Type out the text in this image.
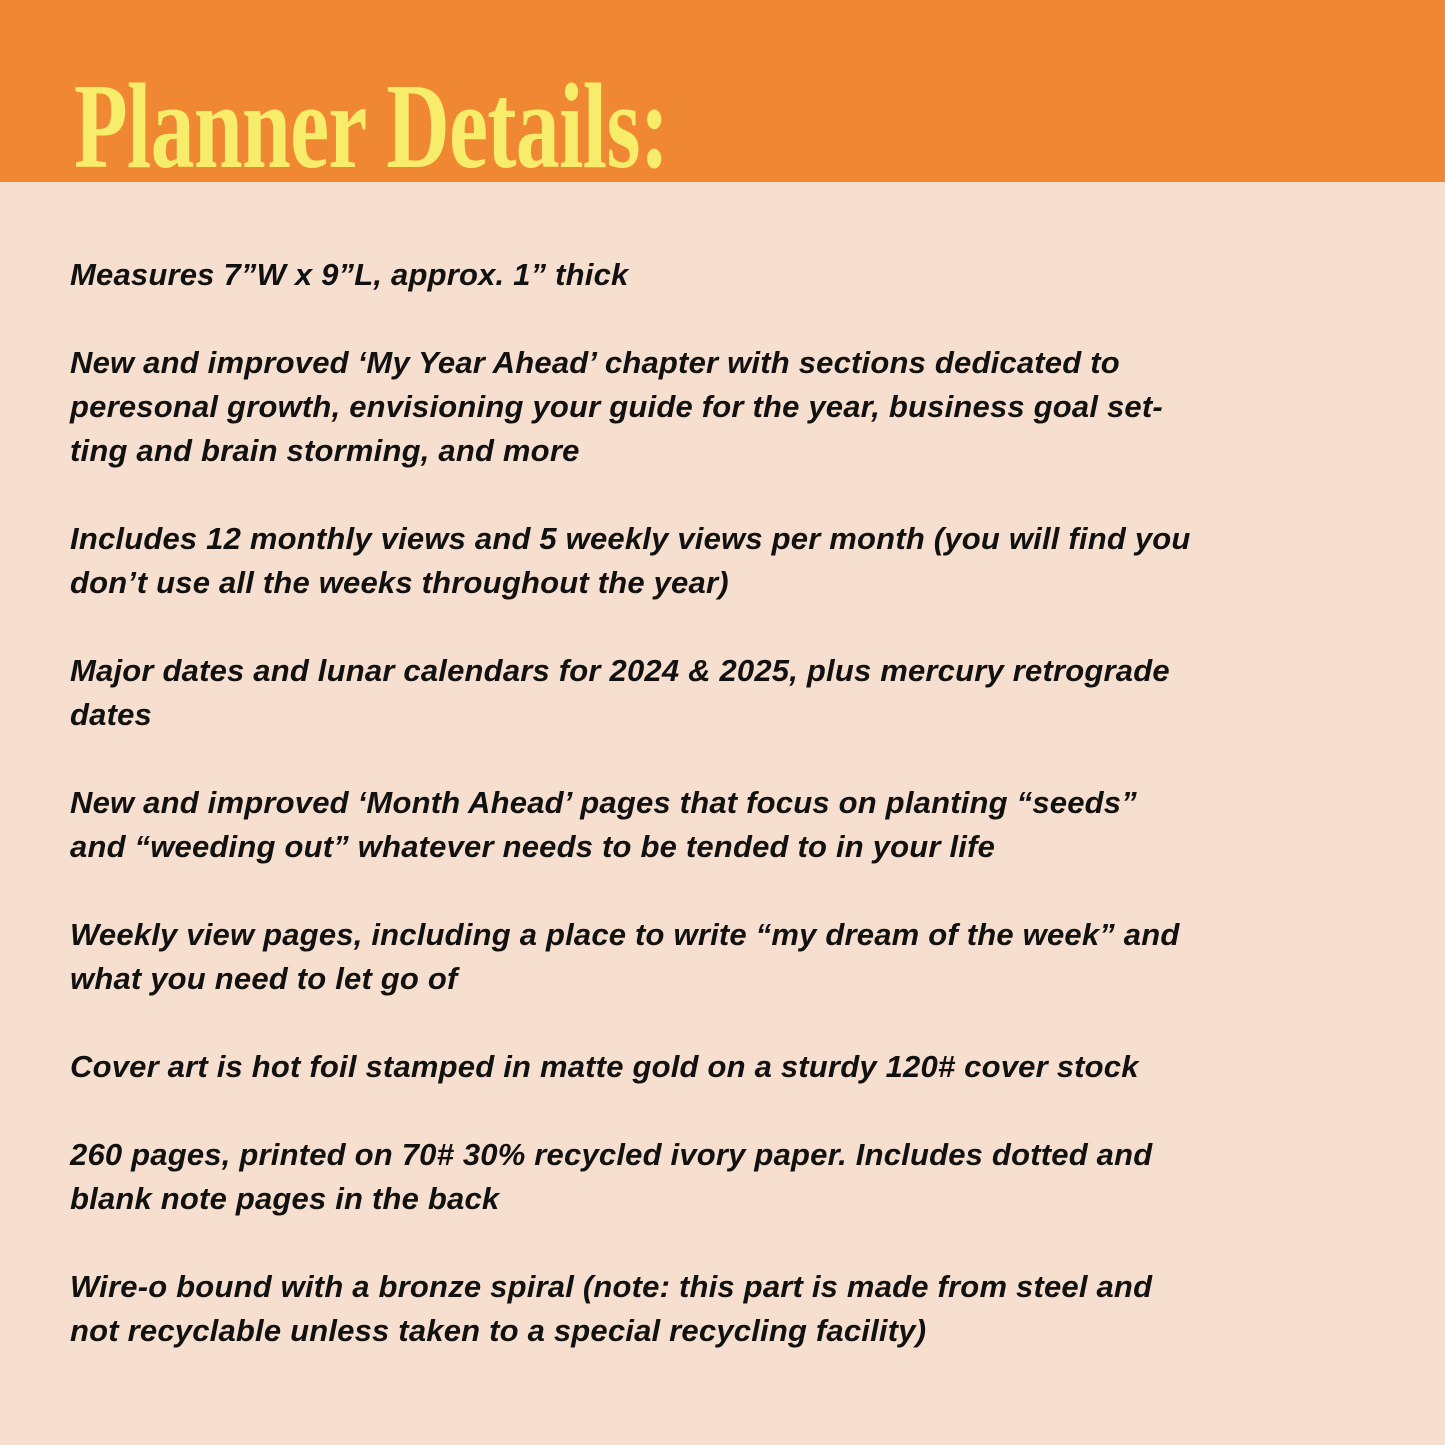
Planner Details:
Measures 7”W x 9”L, approx. 1” thick
New and improved ‘My Year Ahead’ chapter with sections dedicated to
peresonal growth, envisioning your guide for the year, business goal set-
ting and brain storming, and more
Includes 12 monthly views and 5 weekly views per month (you will find you
don’t use all the weeks throughout the year)
Major dates and lunar calendars for 2024 & 2025, plus mercury retrograde
dates
New and improved ‘Month Ahead’ pages that focus on planting “seeds”
and “weeding out” whatever needs to be tended to in your life
Weekly view pages, including a place to write “my dream of the week” and
what you need to let go of
Cover art is hot foil stamped in matte gold on a sturdy 120# cover stock
260 pages, printed on 70# 30% recycled ivory paper. Includes dotted and
blank note pages in the back
Wire-o bound with a bronze spiral (note: this part is made from steel and
not recyclable unless taken to a special recycling facility)
